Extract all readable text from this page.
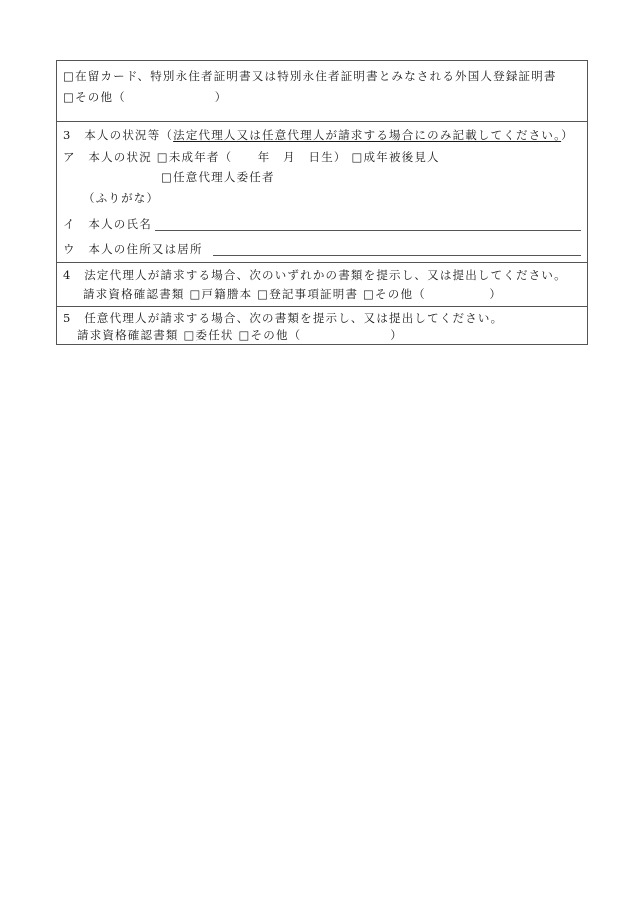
□在留カード、特別永住者証明書又は特別永住者証明書とみなされる外国人登録証明書
□その他（　　　　　　　）
3　本人の状況等（法定代理人又は任意代理人が請求する場合にのみ記載してください。）
ア　本人の状況 □未成年者（　　年　月　日生） □成年被後見人
□任意代理人委任者
（ふりがな）
イ　本人の氏名
ウ　本人の住所又は居所
4　法定代理人が請求する場合、次のいずれかの書類を提示し、又は提出してください。
請求資格確認書類 □戸籍謄本 □登記事項証明書 □その他（　　　　　）
5　任意代理人が請求する場合、次の書類を提示し、又は提出してください。
請求資格確認書類 □委任状 □その他（　　　　　　　）
